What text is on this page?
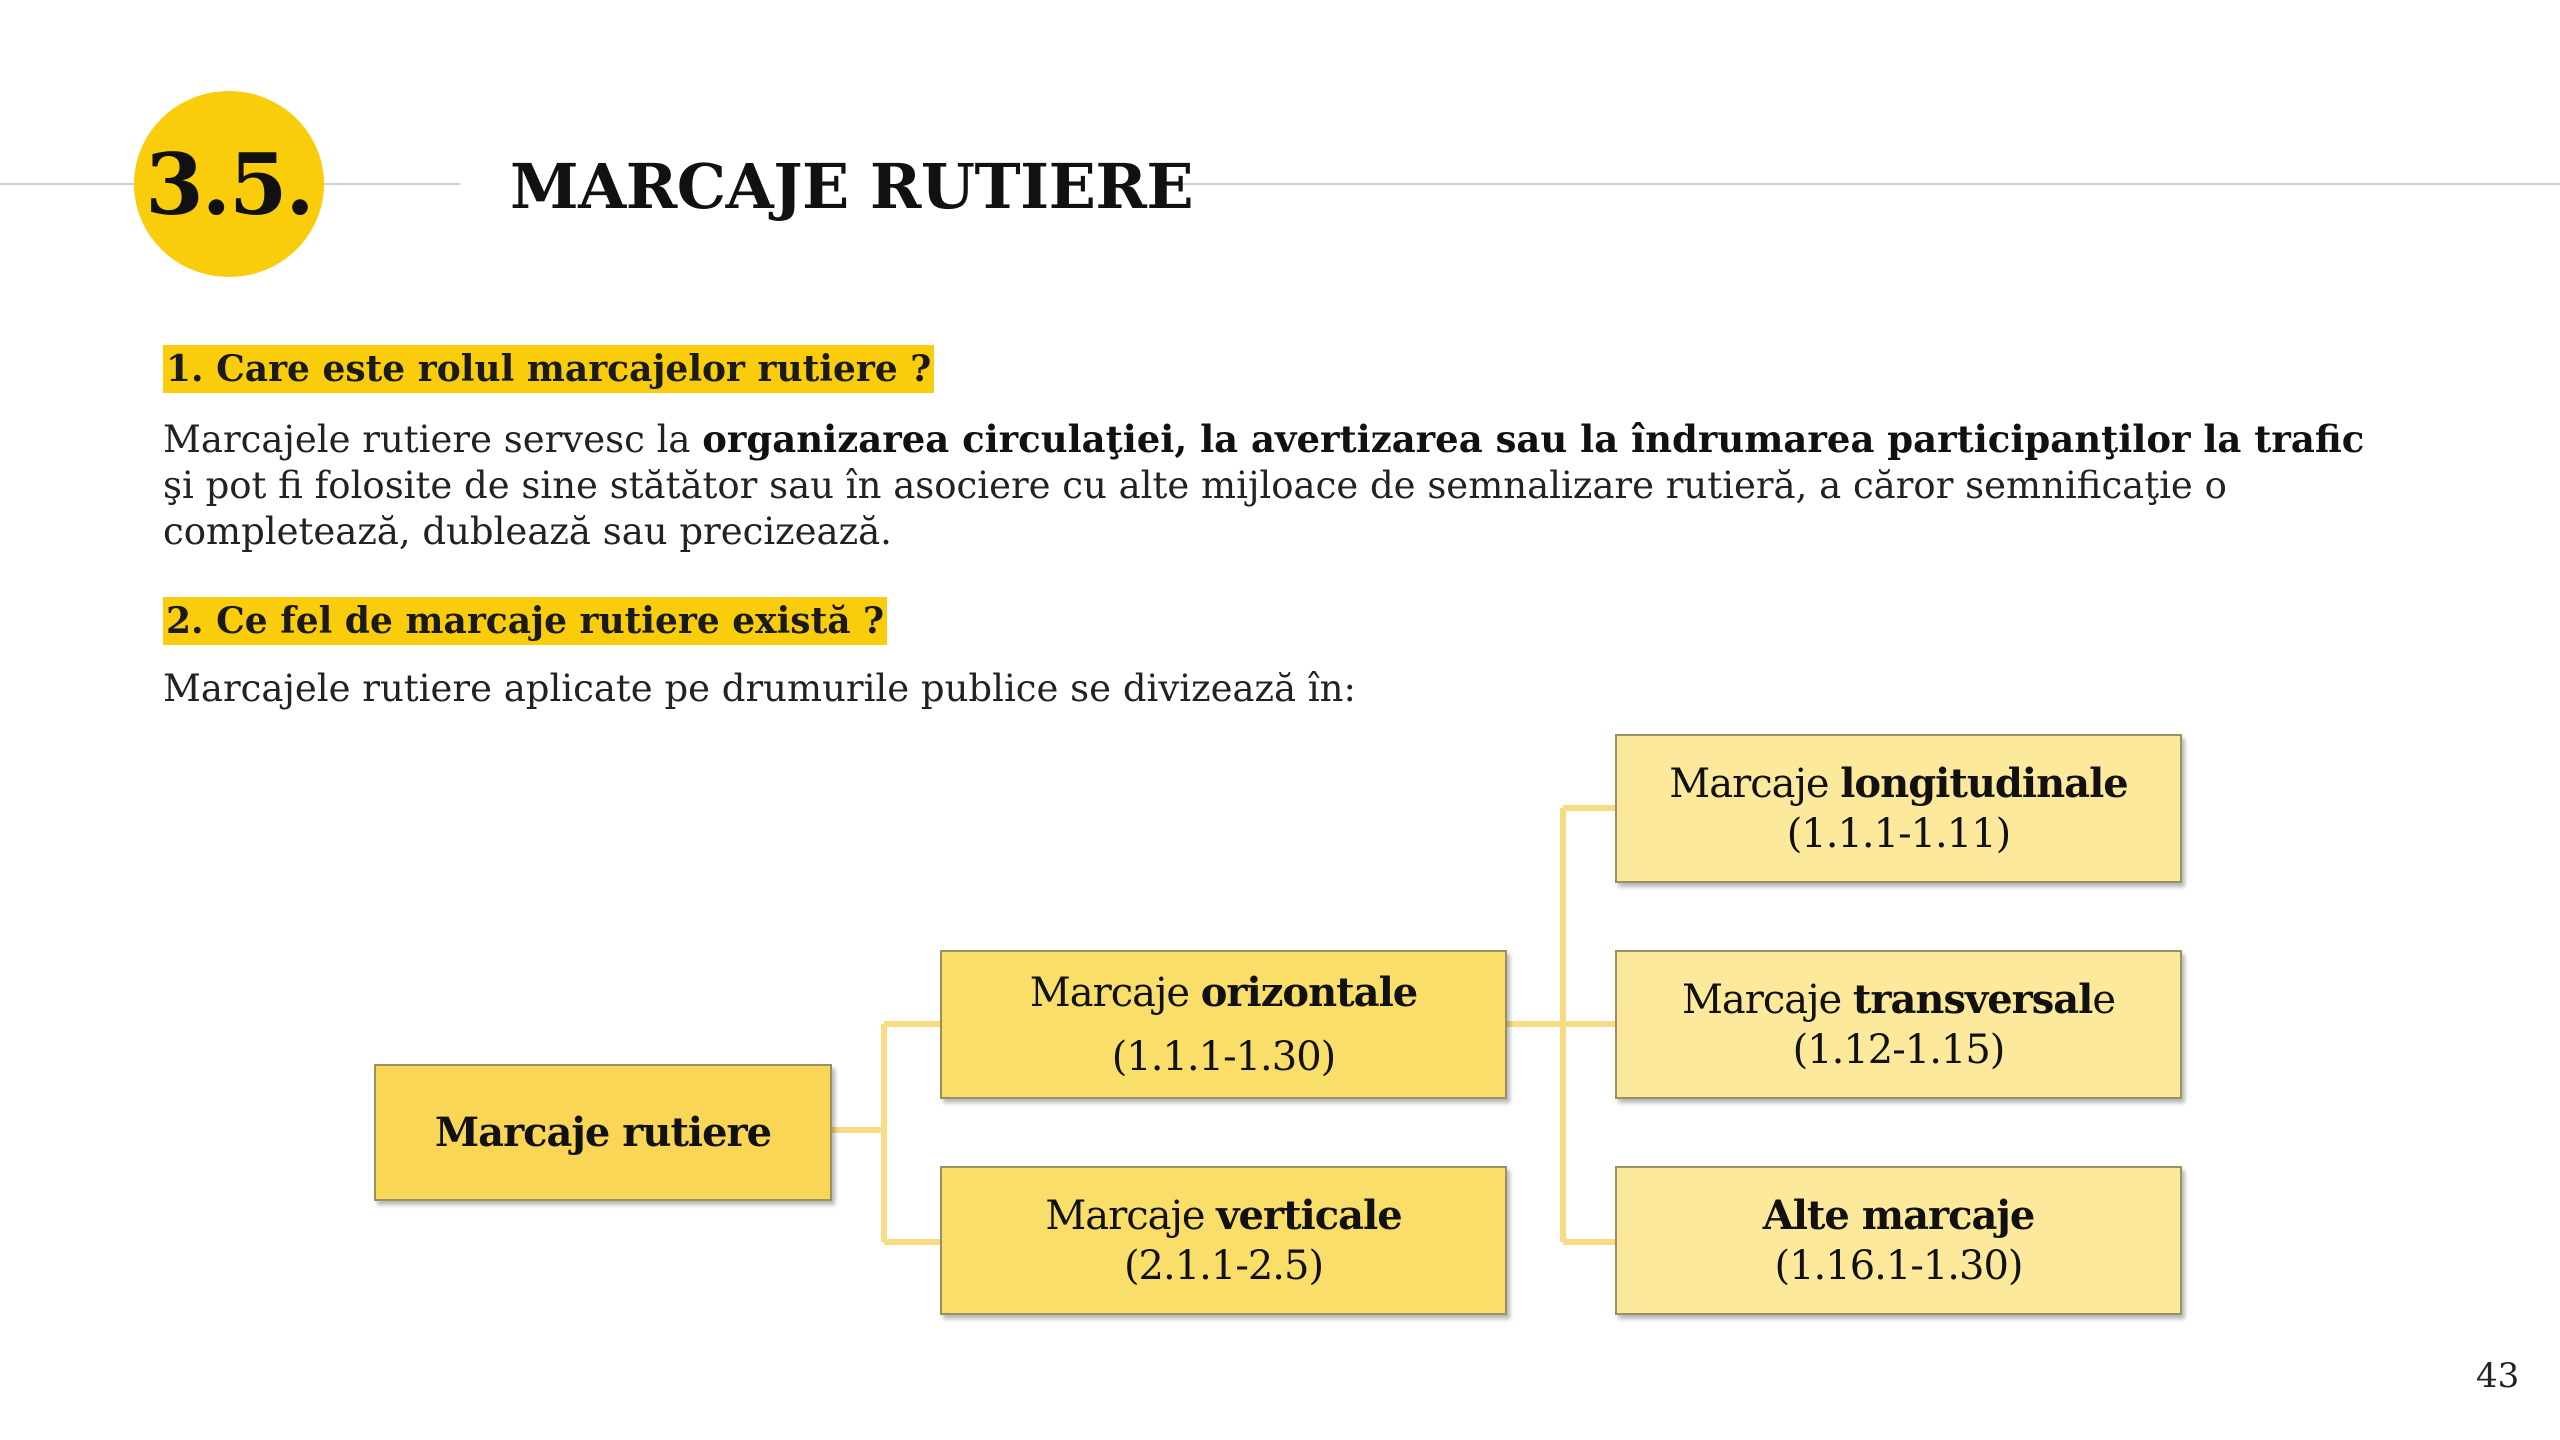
3.5.	MARCAJE RUTIERE
1. Care este rolul marcajelor rutiere ?
Marcajele rutiere servesc la organizarea circulaţiei, la avertizarea sau la îndrumarea participanţilor la trafic şi pot fi folosite de sine stătător sau în asociere cu alte mijloace de semnalizare rutieră, a căror semnificaţie o completează, dublează sau precizează.
2. Ce fel de marcaje rutiere există ?
Marcajele rutiere aplicate pe drumurile publice se divizează în:
Marcaje rutiere
Marcaje orizontale
(1.1.1-1.30)
Marcaje verticale
(2.1.1-2.5)
Marcaje longitudinale
(1.1.1-1.11)
Marcaje transversale
(1.12-1.15)
Alte marcaje
(1.16.1-1.30)
43
